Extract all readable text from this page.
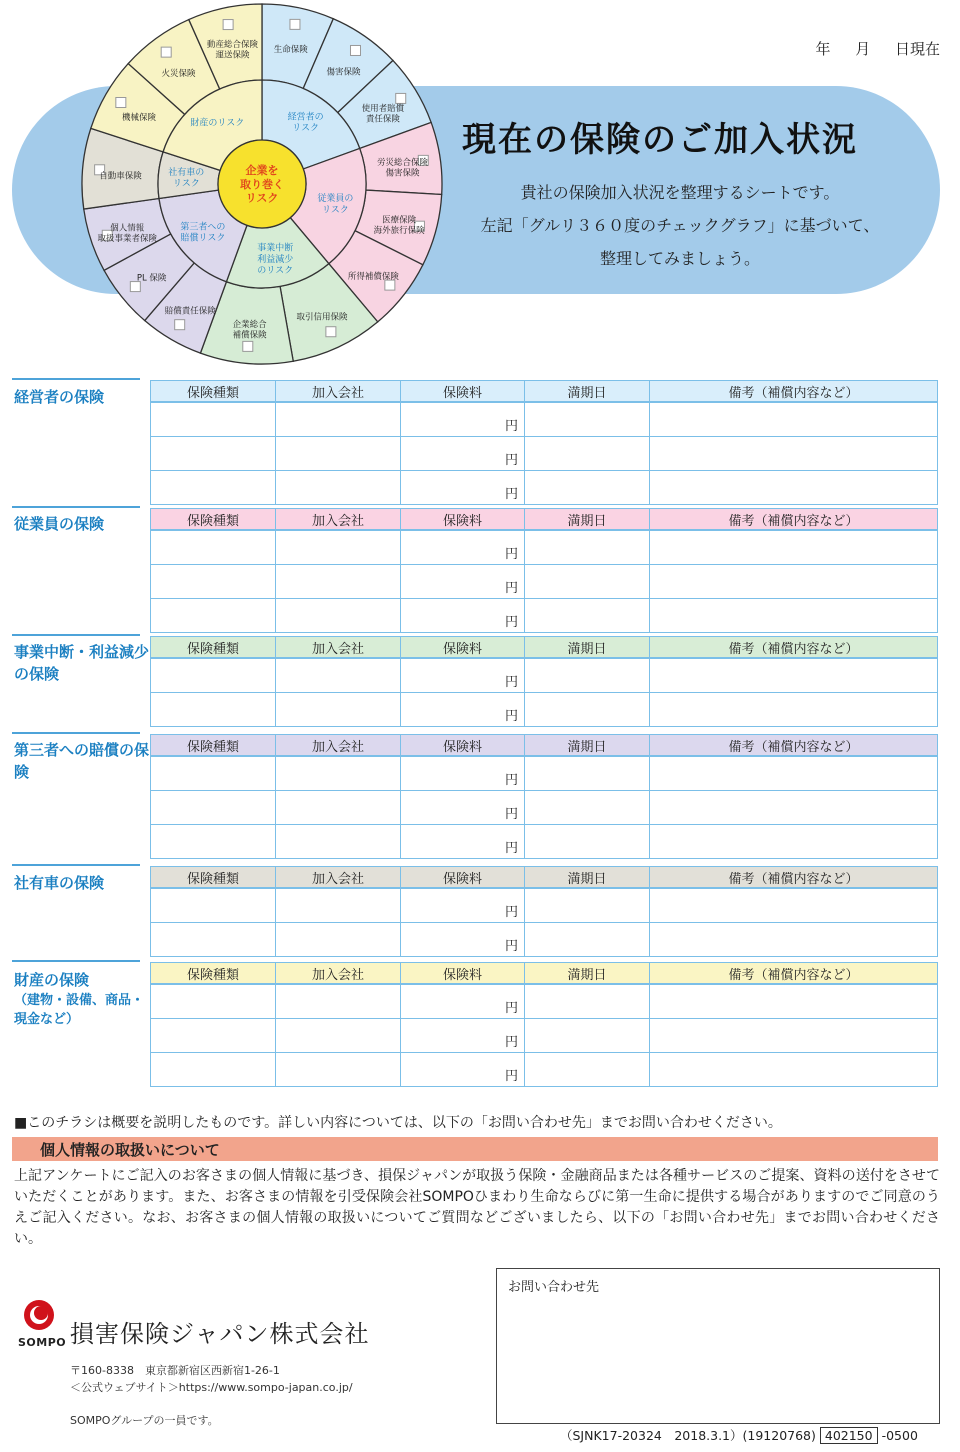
年 月 日現在
現在の保険のご加入状況
貴社の保険加入状況を整理するシートです。
左記「グルリ３６０度のチェックグラフ」に基づいて、
整理してみましょう。
生命保険
傷害保険
使用者賠償責任保険
経営者のリスク
労災総合保険傷害保険
医療保険海外旅行保険
所得補償保険
従業員のリスク
取引信用保険
企業総合補償保険
事業中断利益減少のリスク
賠償責任保険
PL 保険
個人情報取扱事業者保険
第三者への賠償リスク
自動車保険	社有車のリスク
機械保険
火災保険
動産総合保険運送保険
財産のリスク
企業を取り巻くリスク
経営者の保険	保険種類	加入会社	保険料	満期日	備考（補償内容など）
		円		
		円		
		円		
従業員の保険	保険種類	加入会社	保険料	満期日	備考（補償内容など）
		円		
		円		
		円		
事業中断・利益減少の保険
保険種類	加入会社	保険料	満期日	備考（補償内容など）
		円		
		円		
第三者への賠償の保険
保険種類	加入会社	保険料	満期日	備考（補償内容など）
		円		
		円		
		円		
社有車の保険	保険種類	加入会社	保険料	満期日	備考（補償内容など）
		円		
		円		
財産の保険
（建物・設備、商品・現金など）
保険種類	加入会社	保険料	満期日	備考（補償内容など）
		円		
		円		
		円		
■このチラシは概要を説明したものです。詳しい内容については、以下の「お問い合わせ先」までお問い合わせください。
個人情報の取扱いについて
上記アンケートにご記入のお客さまの個人情報に基づき、損保ジャパンが取扱う保険・金融商品または各種サービスのご提案、資料の送付をさせていただくことがあります。また、お客さまの情報を引受保険会社SOMPOひまわり生命ならびに第一生命に提供する場合がありますのでご同意のうえご記入ください。なお、お客さまの個人情報の取扱いについてご質問などございましたら、以下の「お問い合わせ先」までお問い合わせください。
お問い合わせ先
SOMPO 損害保険ジャパン株式会社
〒160-8338　東京都新宿区西新宿1-26-1
＜公式ウェブサイト＞https://www.sompo-japan.co.jp/
SOMPOグループの一員です。
（SJNK17-20324　2018.3.1）(19120768) 402150 -0500
